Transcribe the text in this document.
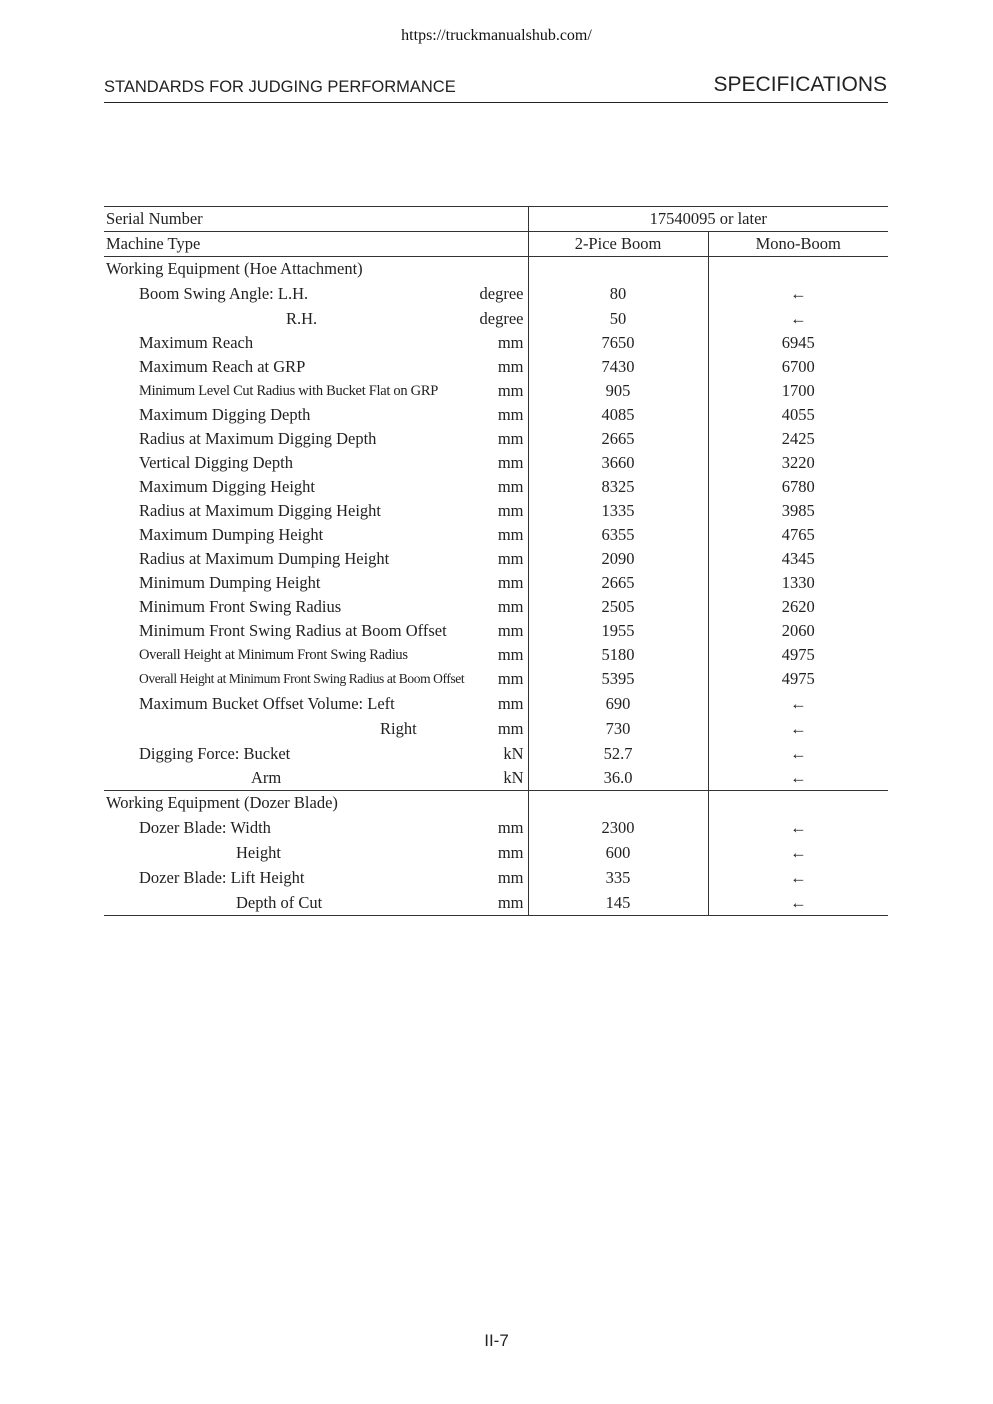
https://truckmanualshub.com/
STANDARDS FOR JUDGING PERFORMANCE	SPECIFICATIONS
Serial Number	17540095 or later	

Machine Type	2-Pice Boom	Mono-Boom

Working Equipment (Hoe Attachment)		

Boom Swing Angle: L.H. degree	80	←

R.H. degree	50	←

Maximum Reach mm	7650	6945

Maximum Reach at GRP mm	7430	6700

Minimum Level Cut Radius with Bucket Flat on GRP mm	905	1700

Maximum Digging Depth mm	4085	4055

Radius at Maximum Digging Depth mm	2665	2425

Vertical Digging Depth mm	3660	3220

Maximum Digging Height mm	8325	6780

Radius at Maximum Digging Height mm	1335	3985

Maximum Dumping Height mm	6355	4765

Radius at Maximum Dumping Height mm	2090	4345

Minimum Dumping Height mm	2665	1330

Minimum Front Swing Radius mm	2505	2620

Minimum Front Swing Radius at Boom Offset mm	1955	2060

Overall Height at Minimum Front Swing Radius mm	5180	4975

Overall Height at Minimum Front Swing Radius at Boom Offset mm	5395	4975

Maximum Bucket Offset Volume: Left mm	690	←

Right mm	730	←

Digging Force: Bucket kN	52.7	←

Arm kN	36.0	←

Working Equipment (Dozer Blade)		

Dozer Blade: Width mm	2300	←

Height mm	600	←

Dozer Blade: Lift Height mm	335	←

Depth of Cut mm	145	←
II-7
